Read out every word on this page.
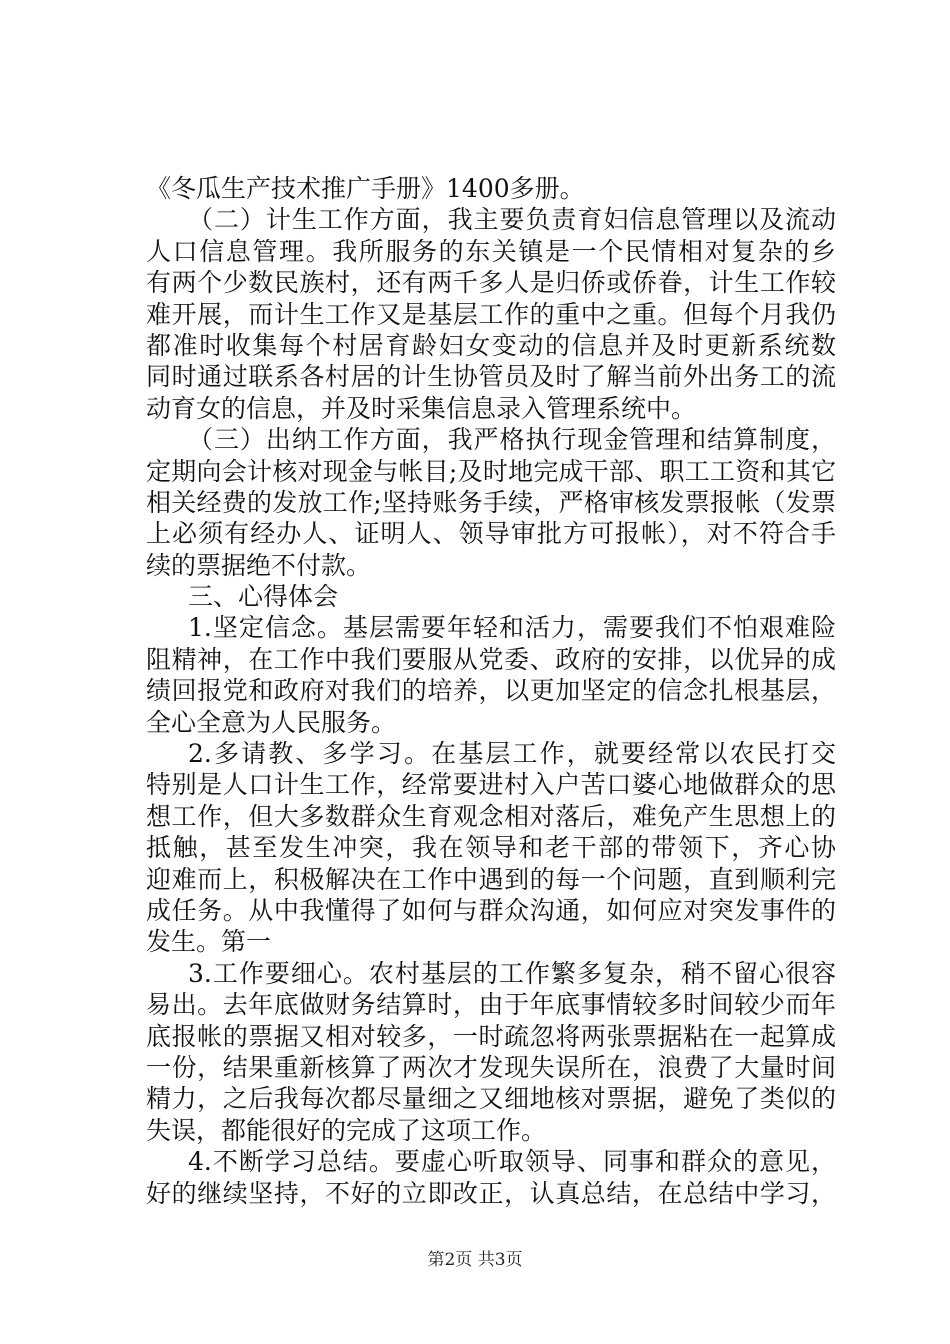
《冬瓜生产技术推广手册》1400多册。
（二）计生工作方面，我主要负责育妇信息管理以及流动
人口信息管理。我所服务的东关镇是一个民情相对复杂的乡
有两个少数民族村，还有两千多人是归侨或侨眷，计生工作较
难开展，而计生工作又是基层工作的重中之重。但每个月我仍
都准时收集每个村居育龄妇女变动的信息并及时更新系统数
同时通过联系各村居的计生协管员及时了解当前外出务工的流
动育女的信息，并及时采集信息录入管理系统中。
（三）出纳工作方面，我严格执行现金管理和结算制度，
定期向会计核对现金与帐目;及时地完成干部、职工工资和其它
相关经费的发放工作;坚持账务手续，严格审核发票报帐（发票
上必须有经办人、证明人、领导审批方可报帐），对不符合手
续的票据绝不付款。
三、心得体会
1.坚定信念。基层需要年轻和活力，需要我们不怕艰难险
阻精神，在工作中我们要服从党委、政府的安排，以优异的成
绩回报党和政府对我们的培养，以更加坚定的信念扎根基层，
全心全意为人民服务。
2.多请教、多学习。在基层工作，就要经常以农民打交
特别是人口计生工作，经常要进村入户苦口婆心地做群众的思
想工作，但大多数群众生育观念相对落后，难免产生思想上的
抵触，甚至发生冲突，我在领导和老干部的带领下，齐心协
迎难而上，积极解决在工作中遇到的每一个问题，直到顺利完
成任务。从中我懂得了如何与群众沟通，如何应对突发事件的
发生。第一
3.工作要细心。农村基层的工作繁多复杂，稍不留心很容
易出。去年底做财务结算时，由于年底事情较多时间较少而年
底报帐的票据又相对较多，一时疏忽将两张票据粘在一起算成
一份，结果重新核算了两次才发现失误所在，浪费了大量时间
精力，之后我每次都尽量细之又细地核对票据，避免了类似的
失误，都能很好的完成了这项工作。
4.不断学习总结。要虚心听取领导、同事和群众的意见，
好的继续坚持，不好的立即改正，认真总结，在总结中学习，
第2页 共3页
